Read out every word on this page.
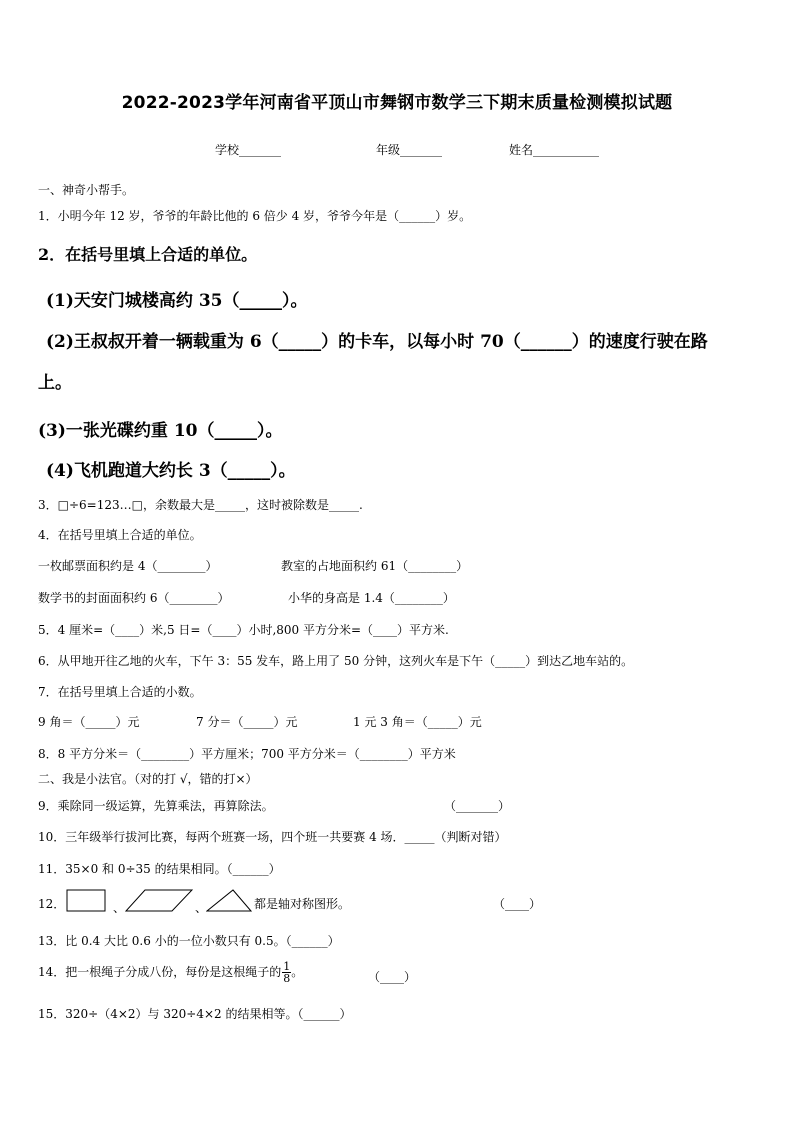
2022-2023学年河南省平顶山市舞钢市数学三下期末质量检测模拟试题
学校_______	年级_______	姓名___________
一、神奇小帮手。
1．小明今年 12 岁，爷爷的年龄比他的 6 倍少 4 岁，爷爷今年是（______）岁。
2．在括号里填上合适的单位。
(1)天安门城楼高约 35（_____）。
(2)王叔叔开着一辆载重为 6（_____）的卡车，以每小时 70（______）的速度行驶在路
上。
(3)一张光碟约重 10（_____）。
(4)飞机跑道大约长 3（_____）。
3．□÷6=123…□，余数最大是_____，这时被除数是_____.
4．在括号里填上合适的单位。
一枚邮票面积约是 4（________）	教室的占地面积约 61（________）
数学书的封面面积约 6（________）	小华的身高是 1.4（________）
5．4 厘米=（____）米,5 日=（____）小时,800 平方分米=（____）平方米.
6．从甲地开往乙地的火车，下午 3：55 发车，路上用了 50 分钟，这列火车是下午（_____）到达乙地车站的。
7．在括号里填上合适的小数。
9 角＝（_____）元	7 分＝（_____）元	1 元 3 角＝（_____）元
8．8 平方分米＝（________）平方厘米；700 平方分米＝（________）平方米
二、我是小法官。（对的打 √，错的打×）
9．乘除同一级运算，先算乘法，再算除法。	（_______）
10．三年级举行拔河比赛，每两个班赛一场，四个班一共要赛 4 场．_____（判断对错）
11．35×0 和 0÷35 的结果相同。（______）
12．	、	、	都是轴对称图形。	（____）
13．比 0.4 大比 0.6 小的一位小数只有 0.5。（______）
14．把一根绳子分成八份，每份是这根绳子的 $\frac{1}{8}$ 。	（____）
15．320÷（4×2）与 320÷4×2 的结果相等。（______）
